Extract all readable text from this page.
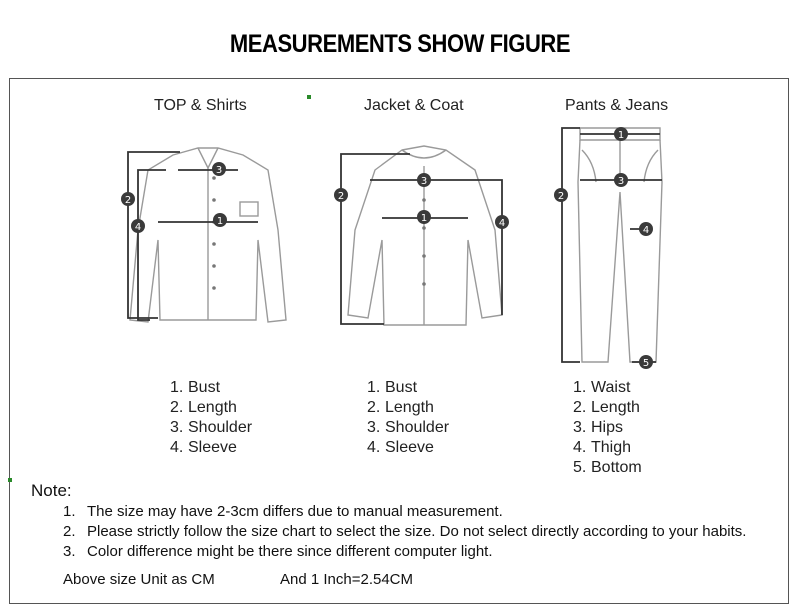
MEASUREMENTS SHOW FIGURE
TOP & Shirts	Jacket & Coat	Pants & Jeans
1
2
3
4
1
2
3
4
1
2
3
4
5
1. Bust
2. Length
3. Shoulder
4. Sleeve
1. Bust
2. Length
3. Shoulder
4. Sleeve
1. Waist
2. Length
3. Hips
4. Thigh
5. Bottom
Note:
1. The size may have 2-3cm differs due to manual measurement.
2. Please strictly follow the size chart to select the size. Do not select directly according to your habits.
3. Color difference might be there since different computer light.
Above size Unit as CM	And 1 Inch=2.54CM
